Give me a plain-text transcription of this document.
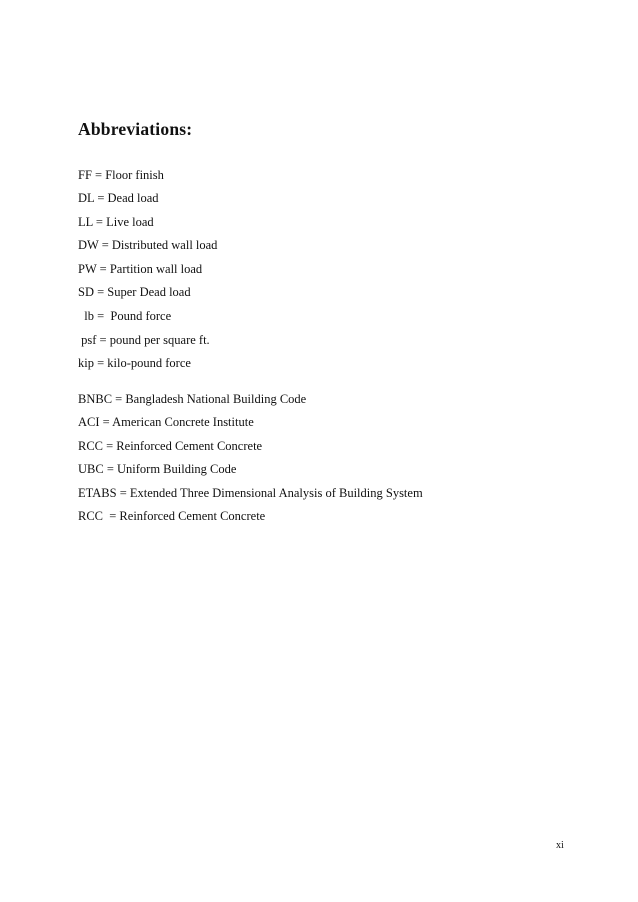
Abbreviations:

FF = Floor finish

DL = Dead load

LL = Live load

DW = Distributed wall load

PW = Partition wall load

SD = Super Dead load

lb =  Pound force

psf = pound per square ft.

kip = kilo-pound force

BNBC = Bangladesh National Building Code

ACI = American Concrete Institute

RCC = Reinforced Cement Concrete

UBC = Uniform Building Code

ETABS = Extended Three Dimensional Analysis of Building System

RCC  = Reinforced Cement Concrete

xi
